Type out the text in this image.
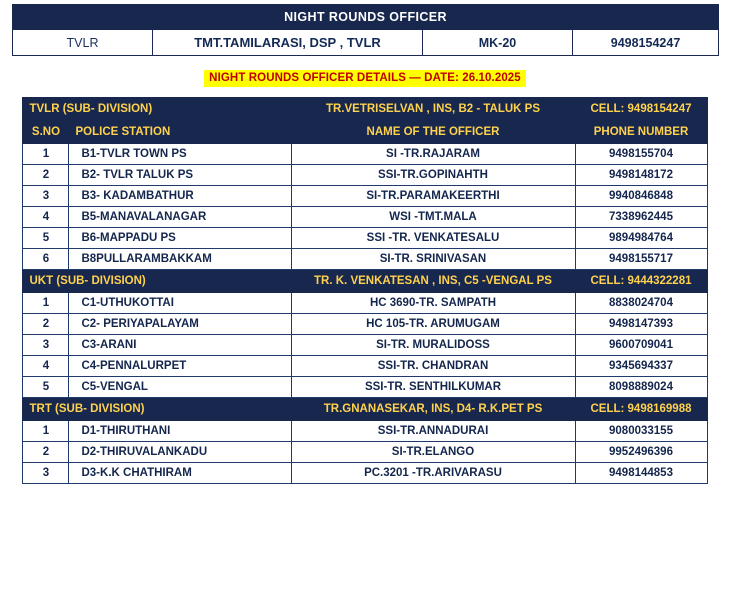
NIGHT ROUNDS OFFICER
TVLR	TMT.TAMILARASI, DSP , TVLR	MK-20	9498154247
NIGHT ROUNDS OFFICER DETAILS — DATE: 26.10.2025
TVLR (SUB- DIVISION)		TR.VETRISELVAN , INS, B2 - TALUK PS	CELL: 9498154247
S.NO	POLICE STATION	NAME OF THE OFFICER	PHONE NUMBER
1	B1-TVLR TOWN PS	SI -TR.RAJARAM	9498155704
2	B2- TVLR TALUK PS	SSI-TR.GOPINAHTH	9498148172
3	B3- KADAMBATHUR	SI-TR.PARAMAKEERTHI	9940846848
4	B5-MANAVALANAGAR	WSI -TMT.MALA	7338962445
5	B6-MAPPADU PS	SSI -TR. VENKATESALU	9894984764
6	B8PULLARAMBAKKAM	SI-TR. SRINIVASAN	9498155717
UKT (SUB- DIVISION)		TR. K. VENKATESAN , INS, C5 -VENGAL PS	CELL: 9444322281
1	C1-UTHUKOTTAI	HC 3690-TR. SAMPATH	8838024704
2	C2- PERIYAPALAYAM	HC 105-TR. ARUMUGAM	9498147393
3	C3-ARANI	SI-TR. MURALIDOSS	9600709041
4	C4-PENNALURPET	SSI-TR. CHANDRAN	9345694337
5	C5-VENGAL	SSI-TR. SENTHILKUMAR	8098889024
TRT (SUB- DIVISION)		TR.GNANASEKAR, INS, D4- R.K.PET PS	CELL: 9498169988
1	D1-THIRUTHANI	SSI-TR.ANNADURAI	9080033155
2	D2-THIRUVALANKADU	SI-TR.ELANGO	9952496396
3	D3-K.K CHATHIRAM	PC.3201 -TR.ARIVARASU	9498144853
